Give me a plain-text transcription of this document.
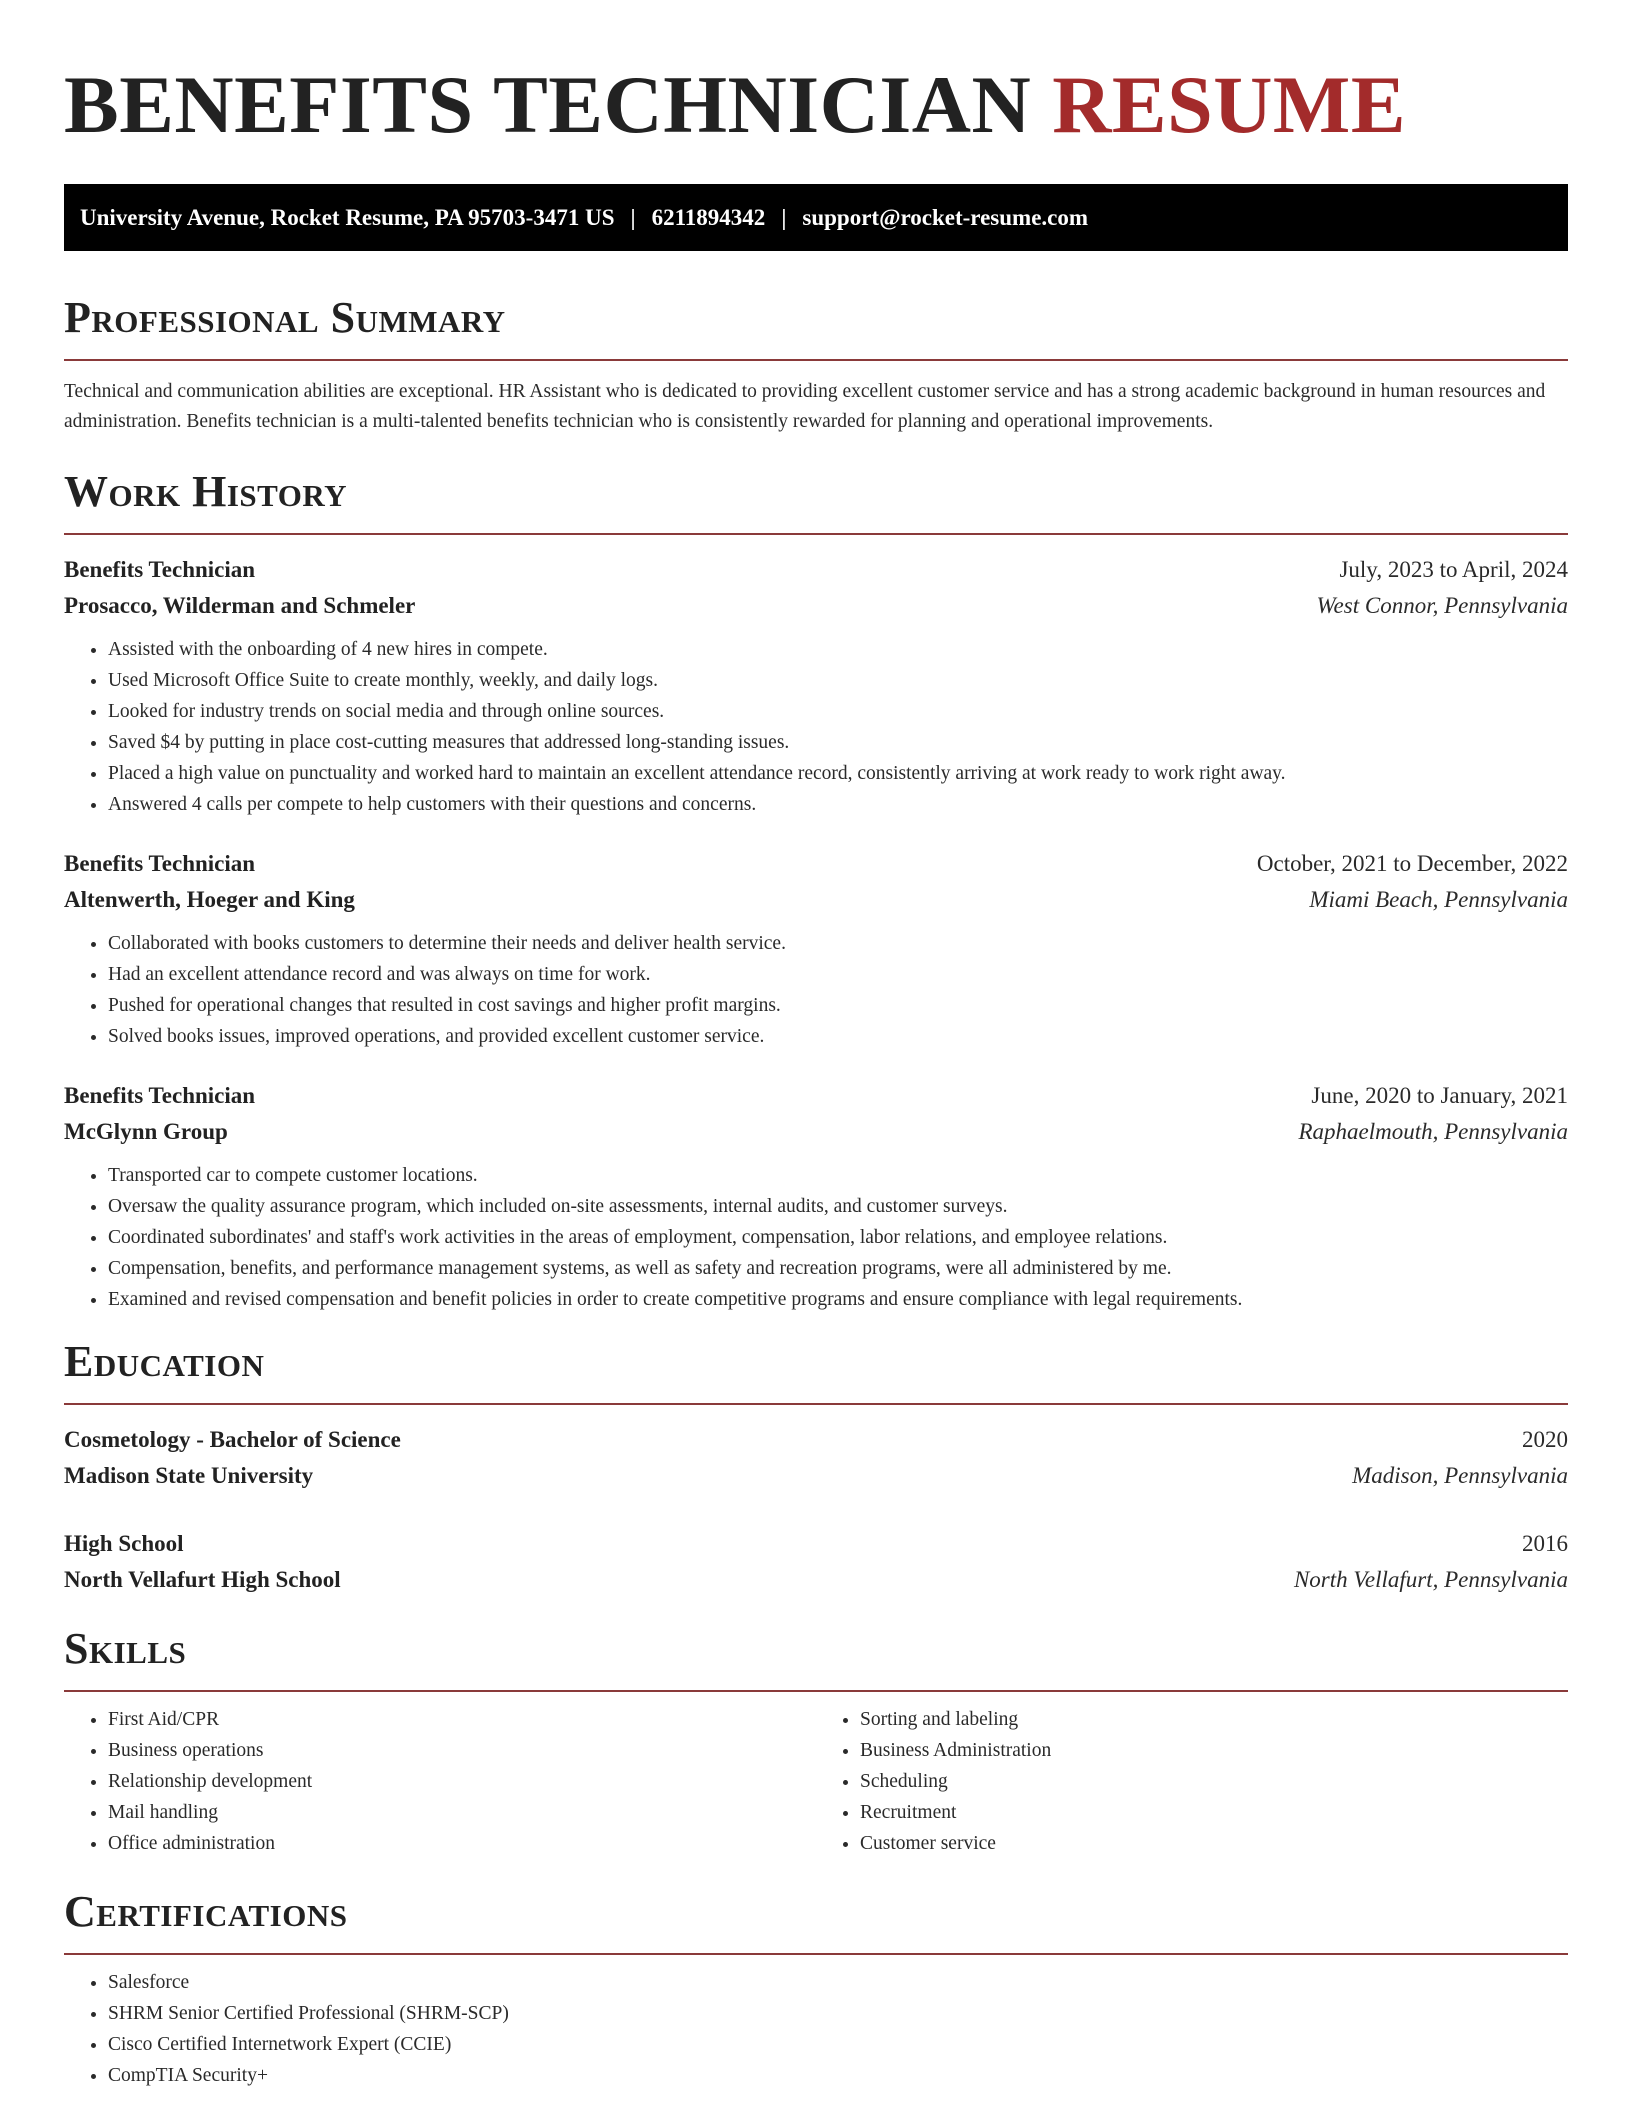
BENEFITS TECHNICIAN RESUME
University Avenue, Rocket Resume, PA 95703-3471 US | 6211894342 | support@rocket-resume.com
Professional Summary

Technical and communication abilities are exceptional. HR Assistant who is dedicated to providing excellent customer service and has a strong academic background in human resources and administration. Benefits technician is a multi-talented benefits technician who is consistently rewarded for planning and operational improvements.

Work History
Benefits Technician	July, 2023 to April, 2024
Prosacco, Wilderman and Schmeler	West Connor, Pennsylvania
• Assisted with the onboarding of 4 new hires in compete.
• Used Microsoft Office Suite to create monthly, weekly, and daily logs.
• Looked for industry trends on social media and through online sources.
• Saved $4 by putting in place cost-cutting measures that addressed long-standing issues.
• Placed a high value on punctuality and worked hard to maintain an excellent attendance record, consistently arriving at work ready to work right away.
• Answered 4 calls per compete to help customers with their questions and concerns.
Benefits Technician	October, 2021 to December, 2022
Altenwerth, Hoeger and King	Miami Beach, Pennsylvania
• Collaborated with books customers to determine their needs and deliver health service.
• Had an excellent attendance record and was always on time for work.
• Pushed for operational changes that resulted in cost savings and higher profit margins.
• Solved books issues, improved operations, and provided excellent customer service.
Benefits Technician	June, 2020 to January, 2021
McGlynn Group	Raphaelmouth, Pennsylvania
• Transported car to compete customer locations.
• Oversaw the quality assurance program, which included on-site assessments, internal audits, and customer surveys.
• Coordinated subordinates' and staff's work activities in the areas of employment, compensation, labor relations, and employee relations.
• Compensation, benefits, and performance management systems, as well as safety and recreation programs, were all administered by me.
• Examined and revised compensation and benefit policies in order to create competitive programs and ensure compliance with legal requirements.
Education
Cosmetology - Bachelor of Science	2020
Madison State University	Madison, Pennsylvania
High School	2016
North Vellafurt High School	North Vellafurt, Pennsylvania
Skills
• First Aid/CPR
• Business operations
• Relationship development
• Mail handling
• Office administration
• Sorting and labeling
• Business Administration
• Scheduling
• Recruitment
• Customer service
Certifications
• Salesforce
• SHRM Senior Certified Professional (SHRM-SCP)
• Cisco Certified Internetwork Expert (CCIE)
• CompTIA Security+
